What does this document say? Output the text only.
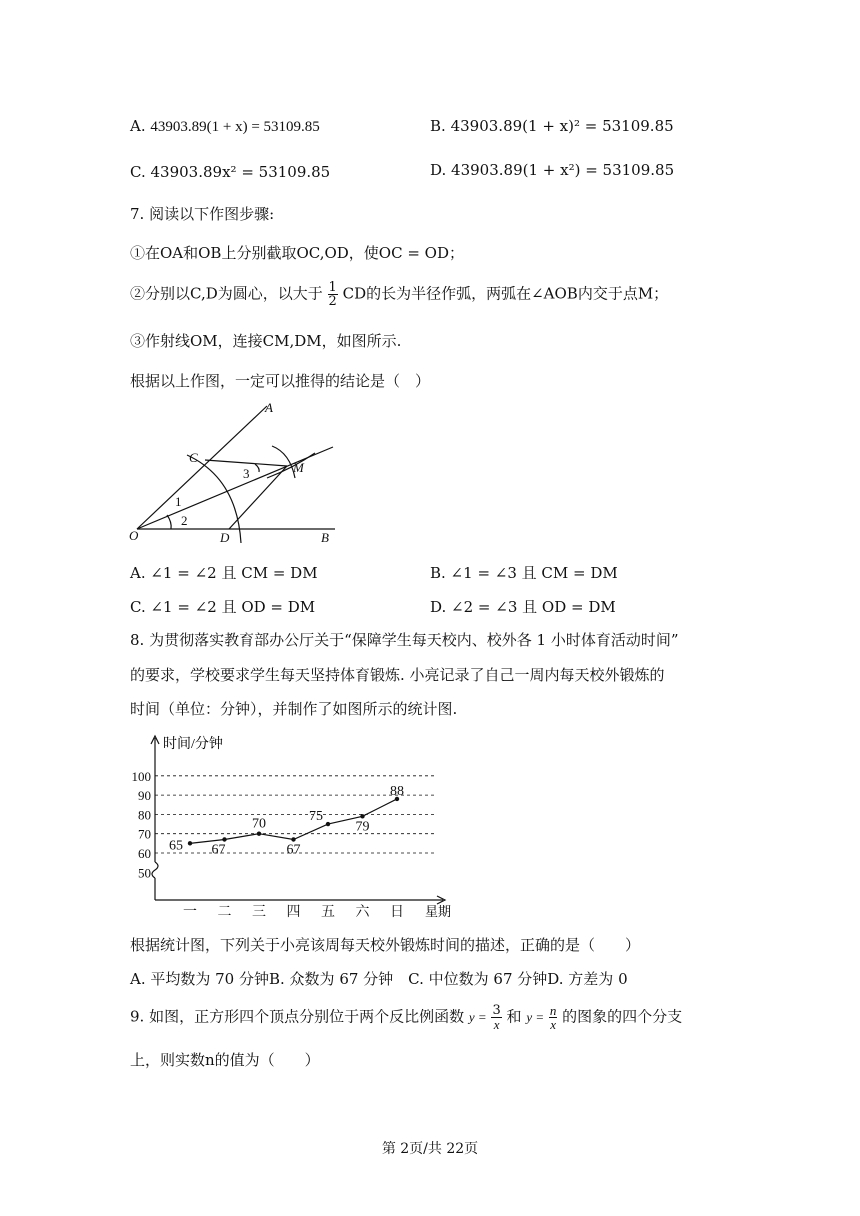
A. 43903.89(1 + x) = 53109.85	B. 43903.89(1 + x)² = 53109.85
C. 43903.89x² = 53109.85	D. 43903.89(1 + x²) = 53109.85
7. 阅读以下作图步骤:
①在OA和OB上分别截取OC,OD，使OC = OD；
②分别以C,D为圆心，以大于 $\frac{1}{2}$ CD的长为半径作弧，两弧在∠AOB内交于点M；
③作射线OM，连接CM,DM，如图所示.
根据以上作图，一定可以推得的结论是（　）
A
C
M
O	D	B
1
2
3
A. ∠1 = ∠2 且 CM = DM	B. ∠1 = ∠3 且 CM = DM
C. ∠1 = ∠2 且 OD = DM	D. ∠2 = ∠3 且 OD = DM
8. 为贯彻落实教育部办公厅关于“保障学生每天校内、校外各 1 小时体育活动时间”
的要求，学校要求学生每天坚持体育锻炼. 小亮记录了自己一周内每天校外锻炼的
时间（单位：分钟），并制作了如图所示的统计图.
时间/分钟
星期
50
60
70
80
90
100
一 二 三 四 五 六 日
65 67
70
67
75
79
88
根据统计图，下列关于小亮该周每天校外锻炼时间的描述，正确的是（　　）
A. 平均数为 70 分钟B. 众数为 67 分钟　C. 中位数为 67 分钟D. 方差为 0
9. 如图，正方形四个顶点分别位于两个反比例函数 $y = \frac{3}{x}$ 和 $y = \frac{n}{x}$ 的图象的四个分支
上，则实数n的值为（　　）
第 2页/共 22页
